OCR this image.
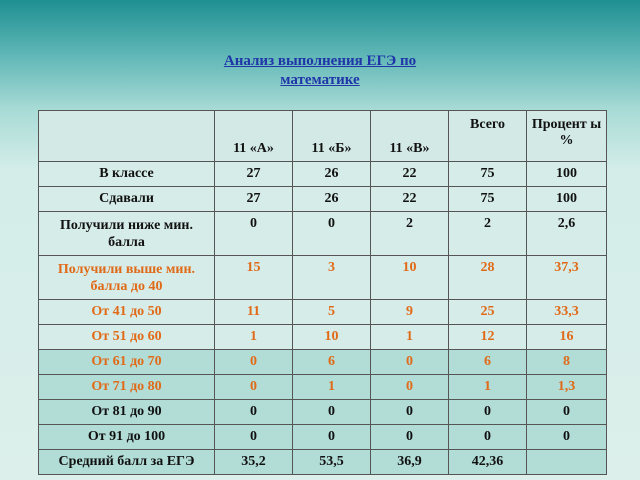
Анализ выполнения ЕГЭ по
математике
	11 «А»	11 «Б»	11 «В»	Всего	Процент ы %
В классе	27	26	22	75	100
Сдавали	27	26	22	75	100
Получили ниже мин. балла	0	0	2	2	2,6
Получили выше мин. балла до 40	15	3	10	28	37,3
От 41 до 50	11	5	9	25	33,3
От 51 до 60	1	10	1	12	16
От 61 до 70	0	6	0	6	8
От 71 до 80	0	1	0	1	1,3
От 81 до 90	0	0	0	0	0
От 91 до 100	0	0	0	0	0
Средний балл за ЕГЭ	35,2	53,5	36,9	42,36	
